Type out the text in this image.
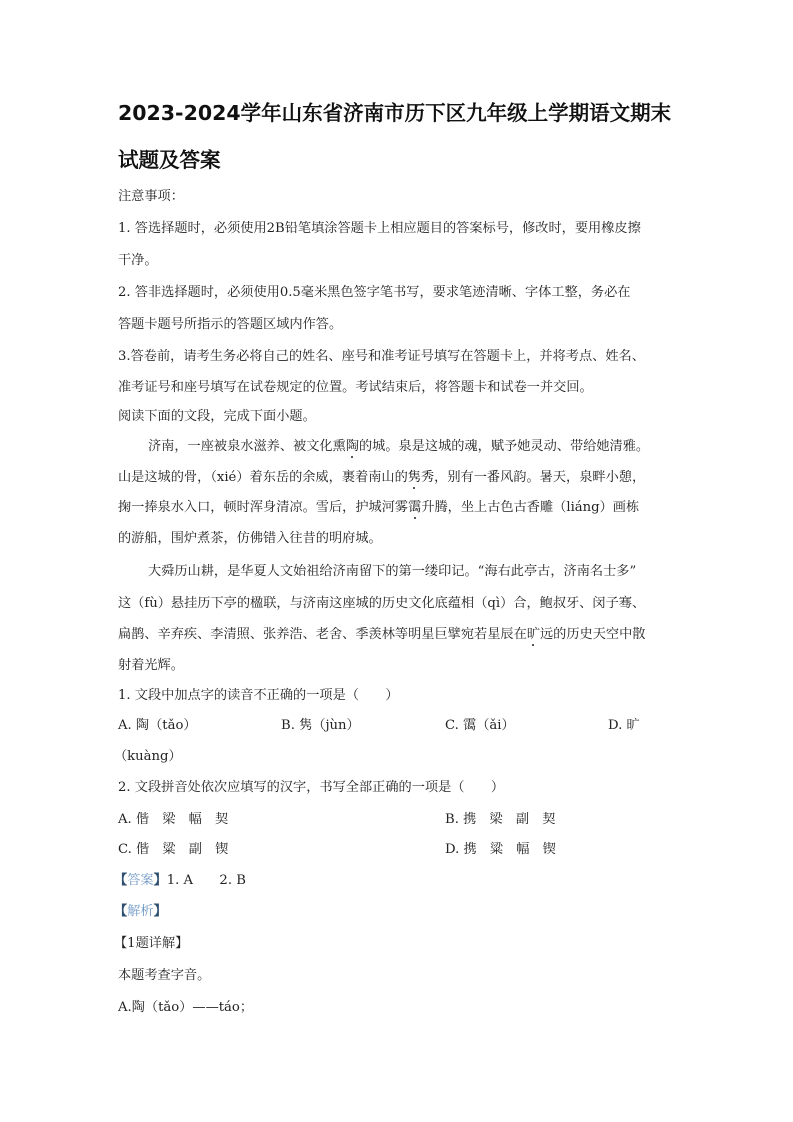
2023-2024学年山东省济南市历下区九年级上学期语文期末
试题及答案
注意事项：
1. 答选择题时，必须使用2B铅笔填涂答题卡上相应题目的答案标号，修改时，要用橡皮擦
干净。
2. 答非选择题时，必须使用0.5毫米黑色签字笔书写，要求笔迹清晰、字体工整，务必在
答题卡题号所指示的答题区域内作答。
3.答卷前，请考生务必将自己的姓名、座号和准考证号填写在答题卡上，并将考点、姓名、
准考证号和座号填写在试卷规定的位置。考试结束后，将答题卡和试卷一并交回。
阅读下面的文段，完成下面小题。
济南，一座被泉水滋养、被文化熏陶的城。泉是这城的魂，赋予她灵动、带给她清雅。
山是这城的骨，（xié）着东岳的余威，裹着南山的隽秀，别有一番风韵。暑天，泉畔小憩，
掬一捧泉水入口，顿时浑身清凉。雪后，护城河雾霭升腾，坐上古色古香雕（liáng）画栋
的游船，围炉煮茶，仿佛错入往昔的明府城。
大舜历山耕，是华夏人文始祖给济南留下的第一缕印记。“海右此亭古，济南名士多”
这（fù）悬挂历下亭的楹联，与济南这座城的历史文化底蕴相（qì）合，鲍叔牙、闵子骞、
扁鹊、辛弃疾、李清照、张养浩、老舍、季羡林等明星巨擘宛若星辰在旷远的历史天空中散
射着光辉。
1. 文段中加点字的读音不正确的一项是（　　）
A. 陶（tǎo）	B. 隽（jùn）	C. 霭（ǎi）	D. 旷
（kuàng）
2. 文段拼音处依次应填写的汉字，书写全部正确的一项是（　　）
A. 偕　梁　幅　契	B. 携　梁　副　契
C. 偕　粱　副　锲	D. 携　粱　幅　锲
【答案】1. A　　2. B
【解析】
【1题详解】
本题考查字音。
A.陶（tǎo）——táo；
